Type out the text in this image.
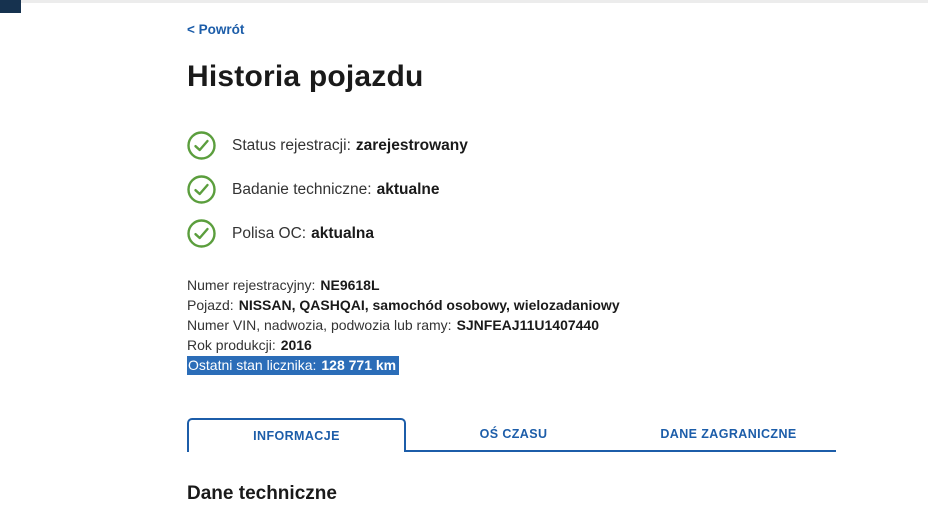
< Powrót
Historia pojazdu
Status rejestracji: zarejestrowany
Badanie techniczne: aktualne
Polisa OC: aktualna
Numer rejestracyjny: NE9618L
Pojazd: NISSAN, QASHQAI, samochód osobowy, wielozadaniowy
Numer VIN, nadwozia, podwozia lub ramy: SJNFEAJ11U1407440
Rok produkcji: 2016
Ostatni stan licznika: 128 771 km
INFORMACJE	OŚ CZASU	DANE ZAGRANICZNE
Dane techniczne
